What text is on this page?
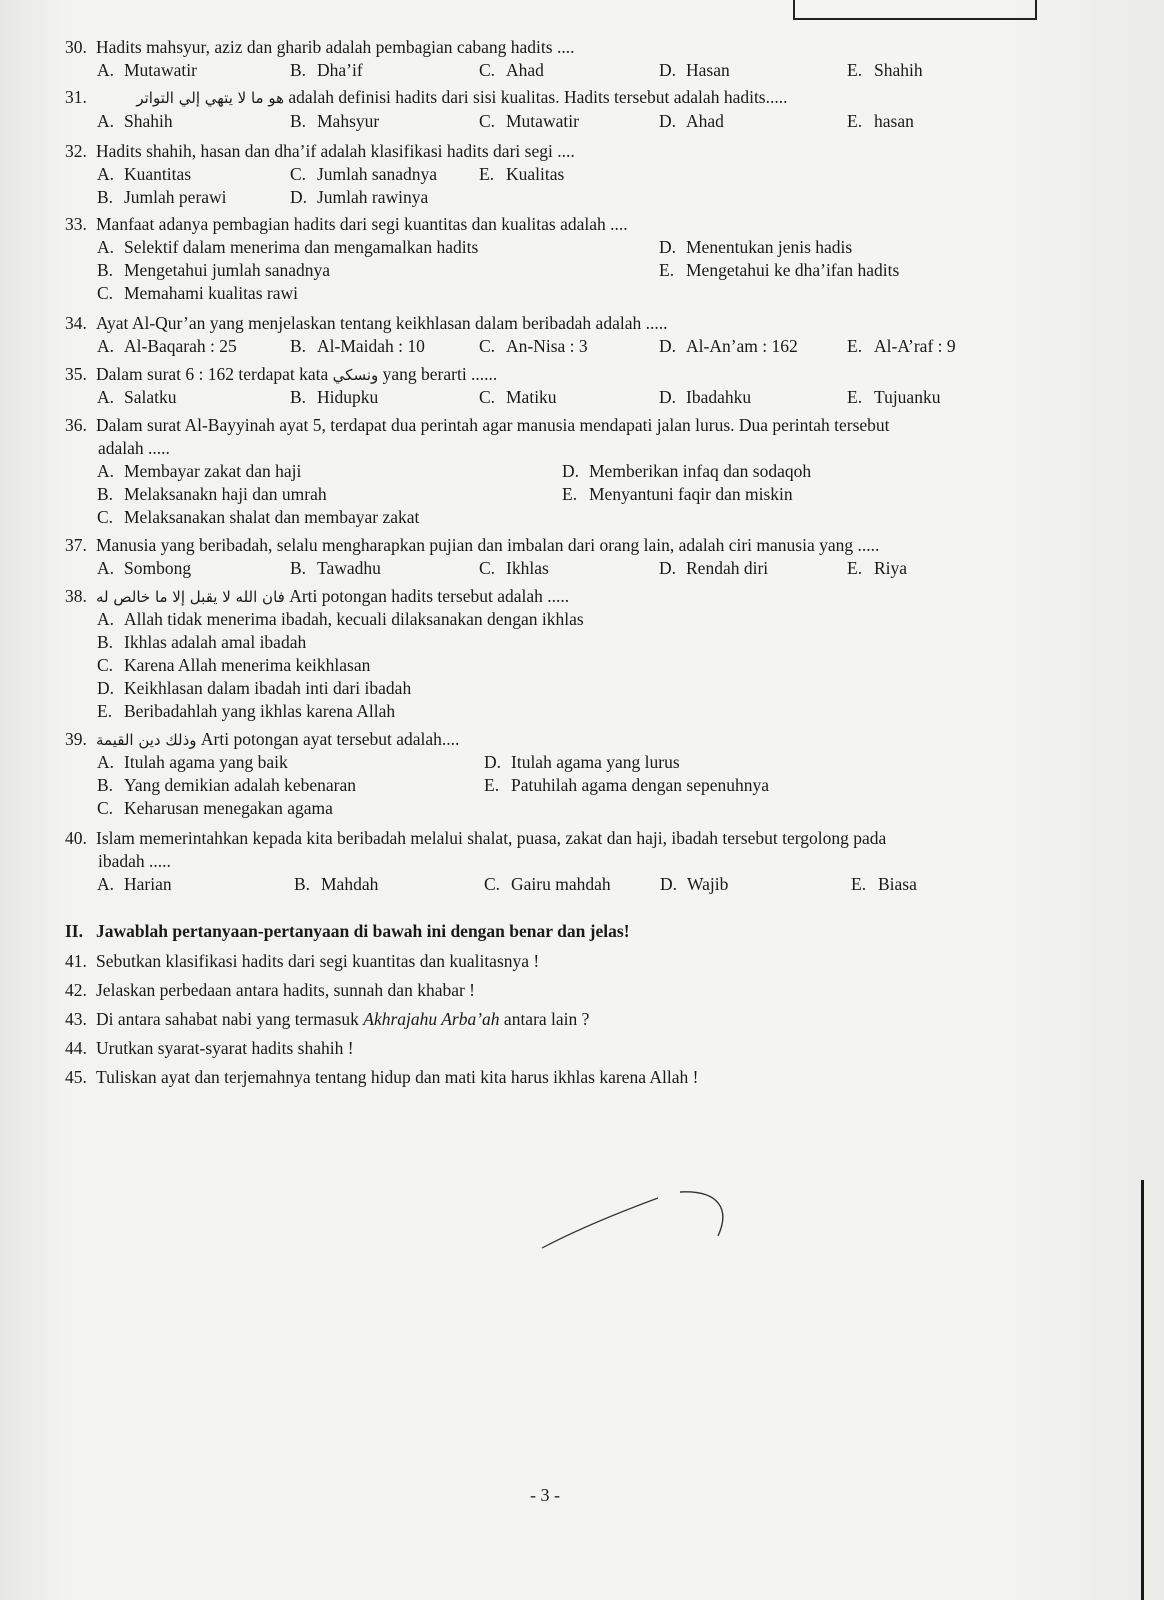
30. Hadits mahsyur, aziz dan gharib adalah pembagian cabang hadits ....
A. Mutawatir	B. Dha’if	C. Ahad	D. Hasan	E. Shahih
31.	هو ما لا يتهي إلي التواتر adalah definisi hadits dari sisi kualitas. Hadits tersebut adalah hadits.....
A. Shahih	B. Mahsyur	C. Mutawatir	D. Ahad	E. hasan
32. Hadits shahih, hasan dan dha’if adalah klasifikasi hadits dari segi ....
A. Kuantitas	C. Jumlah sanadnya E. Kualitas
B. Jumlah perawi	D. Jumlah rawinya
33. Manfaat adanya pembagian hadits dari segi kuantitas dan kualitas adalah ....
A. Selektif dalam menerima dan mengamalkan hadits	D. Menentukan jenis hadis
B. Mengetahui jumlah sanadnya	E. Mengetahui ke dha’ifan hadits
C. Memahami kualitas rawi
34. Ayat Al-Qur’an yang menjelaskan tentang keikhlasan dalam beribadah adalah .....
A. Al-Baqarah : 25	B. Al-Maidah : 10	C. An-Nisa : 3	D. Al-An’am : 162	E. Al-A’raf : 9
35. Dalam surat 6 : 162 terdapat kata ونسكي yang berarti ......
A. Salatku	B. Hidupku	C. Matiku	D. Ibadahku	E. Tujuanku
36. Dalam surat Al-Bayyinah ayat 5, terdapat dua perintah agar manusia mendapati jalan lurus. Dua perintah tersebut
adalah .....
A. Membayar zakat dan haji	D. Memberikan infaq dan sodaqoh
B. Melaksanakn haji dan umrah	E. Menyantuni faqir dan miskin
C. Melaksanakan shalat dan membayar zakat
37. Manusia yang beribadah, selalu mengharapkan pujian dan imbalan dari orang lain, adalah ciri manusia yang .....
A. Sombong	B. Tawadhu	C. Ikhlas	D. Rendah diri	E. Riya
38. فان الله لا يقبل إلا ما خالص له Arti potongan hadits tersebut adalah .....
A. Allah tidak menerima ibadah, kecuali dilaksanakan dengan ikhlas
B. Ikhlas adalah amal ibadah
C. Karena Allah menerima keikhlasan
D. Keikhlasan dalam ibadah inti dari ibadah
E. Beribadahlah yang ikhlas karena Allah
39. وذلك دين القيمة Arti potongan ayat tersebut adalah....
A. Itulah agama yang baik	D. Itulah agama yang lurus
B. Yang demikian adalah kebenaran	E. Patuhilah agama dengan sepenuhnya
C. Keharusan menegakan agama
40. Islam memerintahkan kepada kita beribadah melalui shalat, puasa, zakat dan haji, ibadah tersebut tergolong pada
ibadah .....
A. Harian	B. Mahdah	C. Gairu mahdah	D. Wajib	E. Biasa
II. Jawablah pertanyaan-pertanyaan di bawah ini dengan benar dan jelas!
41. Sebutkan klasifikasi hadits dari segi kuantitas dan kualitasnya !
42. Jelaskan perbedaan antara hadits, sunnah dan khabar !
43. Di antara sahabat nabi yang termasuk Akhrajahu Arba’ah antara lain ?
44. Urutkan syarat-syarat hadits shahih !
45. Tuliskan ayat dan terjemahnya tentang hidup dan mati kita harus ikhlas karena Allah !
- 3 -
